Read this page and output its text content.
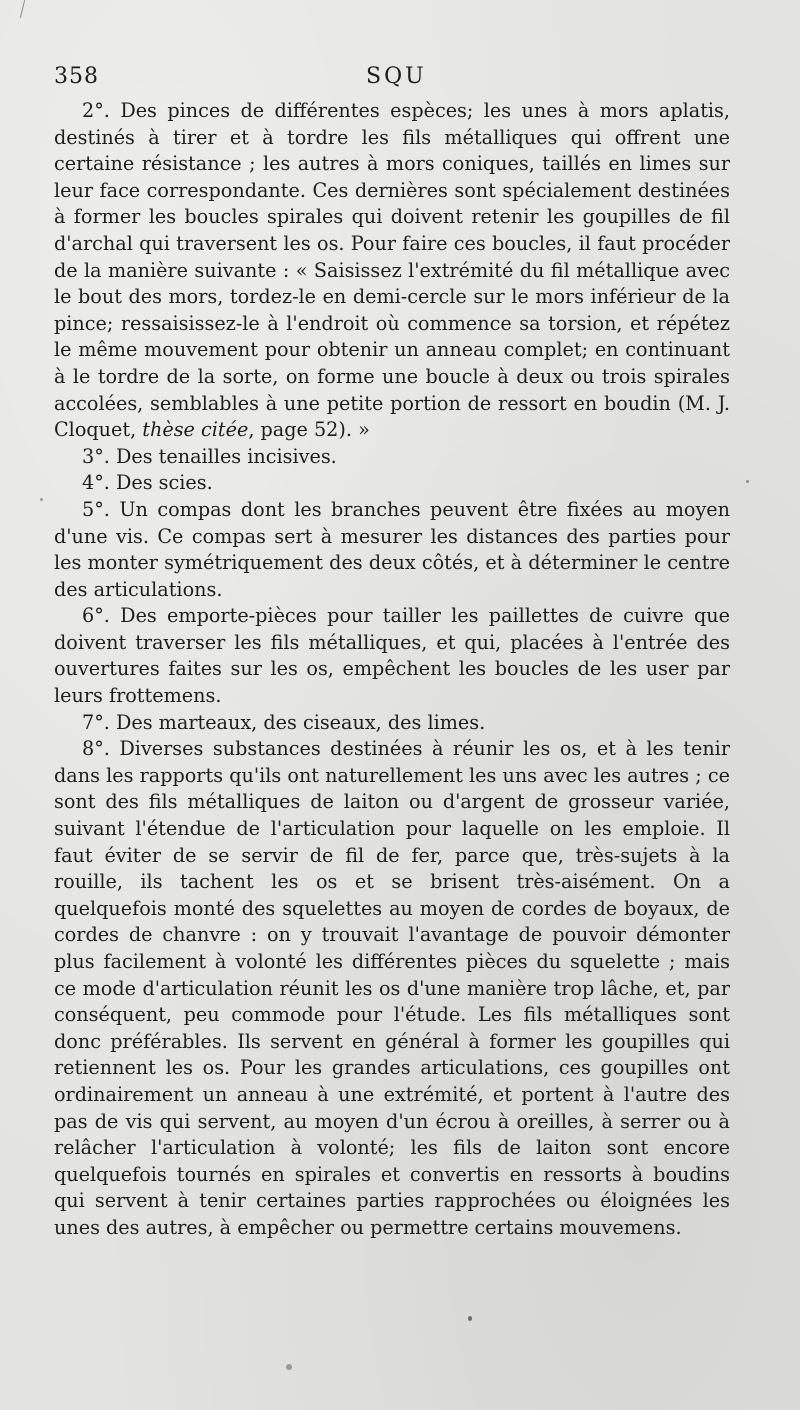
358	SQU

2°. Des pinces de différentes espèces; les unes à mors aplatis, destinés à tirer et à tordre les fils métalliques qui offrent une certaine résistance ; les autres à mors coniques, taillés en limes sur leur face correspondante. Ces dernières sont spécialement destinées à former les boucles spirales qui doivent retenir les goupilles de fil d'archal qui traversent les os. Pour faire ces boucles, il faut procéder de la manière suivante : « Saisissez l'extrémité du fil métallique avec le bout des mors, tordez-le en demi-cercle sur le mors inférieur de la pince; ressaisissez-le à l'endroit où commence sa torsion, et répétez le même mouvement pour obtenir un anneau complet; en continuant à le tordre de la sorte, on forme une boucle à deux ou trois spirales accolées, semblables à une petite portion de ressort en boudin (M. J. Cloquet, thèse citée, page 52). »

3°. Des tenailles incisives.

4°. Des scies.

5°. Un compas dont les branches peuvent être fixées au moyen d'une vis. Ce compas sert à mesurer les distances des parties pour les monter symétriquement des deux côtés, et à déterminer le centre des articulations.

6°. Des emporte-pièces pour tailler les paillettes de cuivre que doivent traverser les fils métalliques, et qui, placées à l'entrée des ouvertures faites sur les os, empêchent les boucles de les user par leurs frottemens.

7°. Des marteaux, des ciseaux, des limes.

8°. Diverses substances destinées à réunir les os, et à les tenir dans les rapports qu'ils ont naturellement les uns avec les autres ; ce sont des fils métalliques de laiton ou d'argent de grosseur variée, suivant l'étendue de l'articulation pour laquelle on les emploie. Il faut éviter de se servir de fil de fer, parce que, très-sujets à la rouille, ils tachent les os et se brisent très-aisément. On a quelquefois monté des squelettes au moyen de cordes de boyaux, de cordes de chanvre : on y trouvait l'avantage de pouvoir démonter plus facilement à volonté les différentes pièces du squelette ; mais ce mode d'articulation réunit les os d'une manière trop lâche, et, par conséquent, peu commode pour l'étude. Les fils métalliques sont donc préférables. Ils servent en général à former les goupilles qui retiennent les os. Pour les grandes articulations, ces goupilles ont ordinairement un anneau à une extrémité, et portent à l'autre des pas de vis qui servent, au moyen d'un écrou à oreilles, à serrer ou à relâcher l'articulation à volonté; les fils de laiton sont encore quelquefois tournés en spirales et convertis en ressorts à boudins qui servent à tenir certaines parties rapprochées ou éloignées les unes des autres, à empêcher ou permettre certains mouvemens.
